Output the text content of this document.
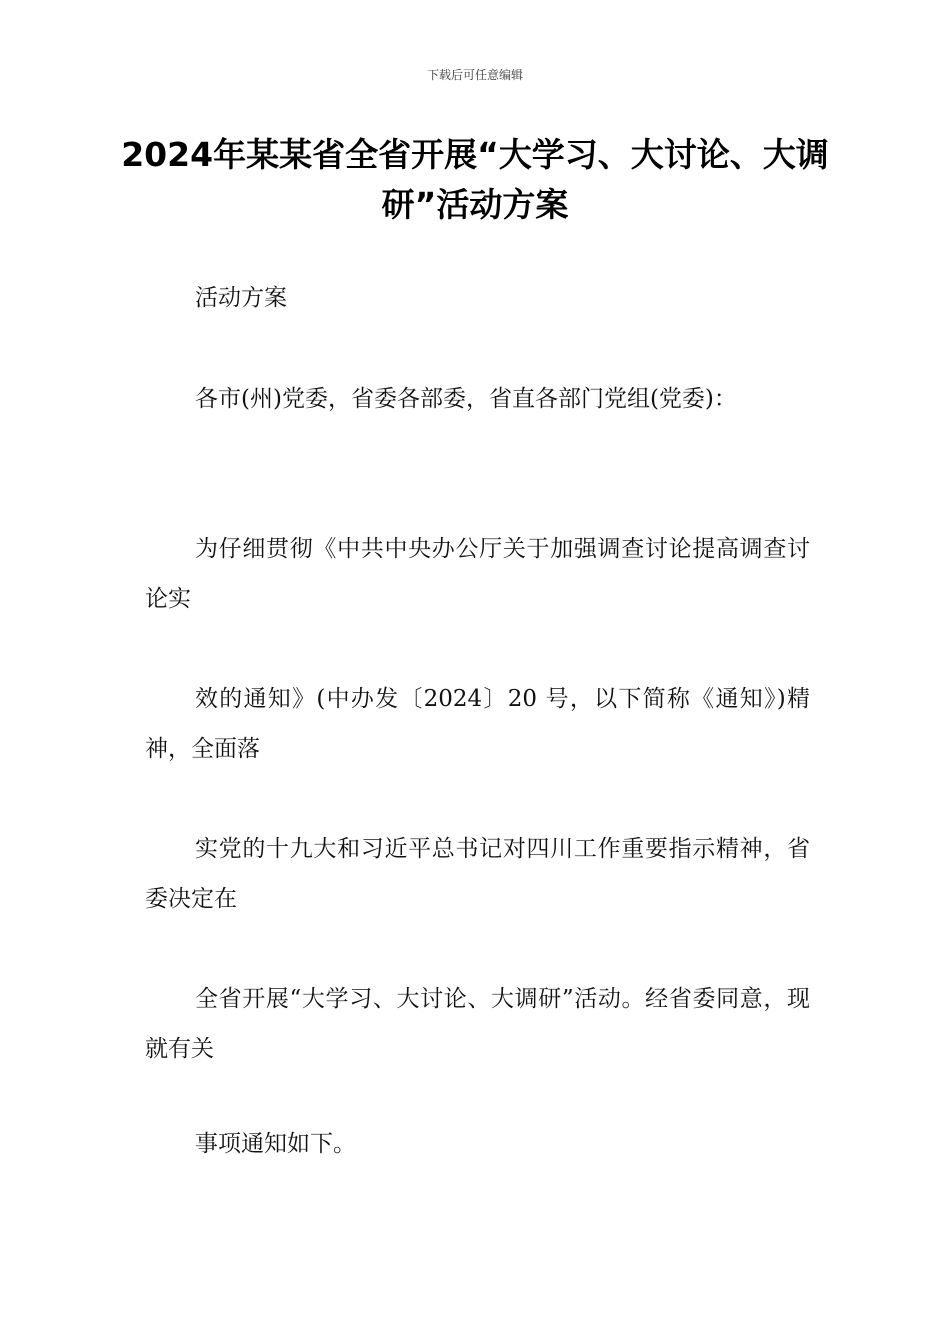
下载后可任意编辑
2024年某某省全省开展“大学习、大讨论、大调研”活动方案

活动方案

各市(州)党委，省委各部委，省直各部门党组(党委)：

为仔细贯彻《中共中央办公厅关于加强调查讨论提高调查讨论实

效的通知》(中办发〔2024〕20 号，以下简称《通知》)精神，全面落

实党的十九大和习近平总书记对四川工作重要指示精神，省委决定在

全省开展“大学习、大讨论、大调研”活动。经省委同意，现就有关

事项通知如下。
